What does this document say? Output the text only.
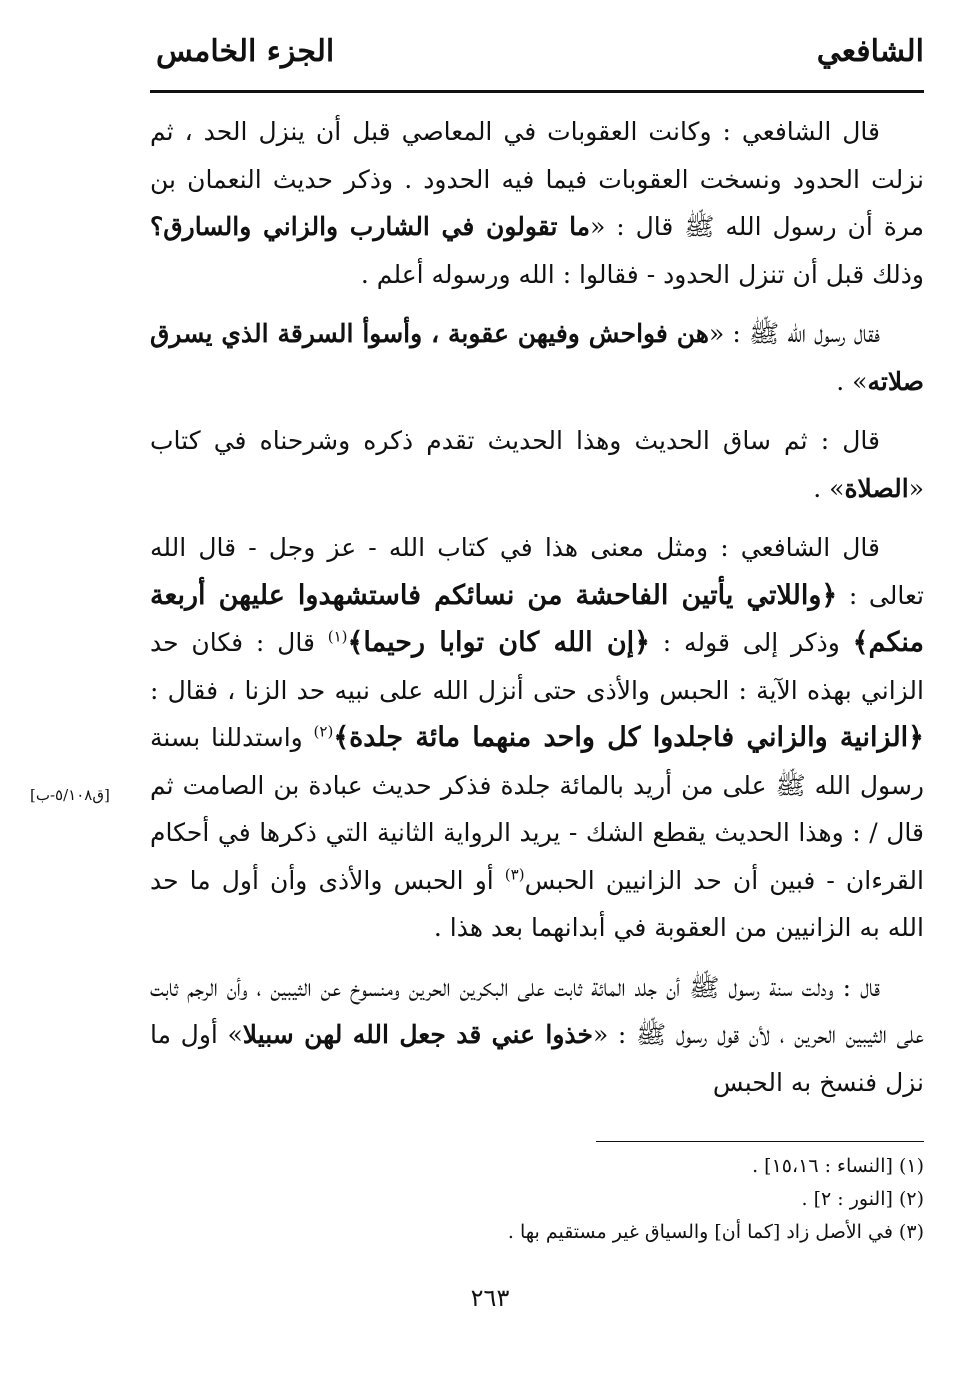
الشافعي
الجزء الخامس
[ق٥/١٠٨-ب]

قال الشافعي : وكانت العقوبات في المعاصي قبل أن ينزل الحد ، ثم نزلت الحدود ونسخت العقوبات فيما فيه الحدود . وذكر حديث النعمان بن مرة أن رسول الله ﷺ قال : «ما تقولون في الشارب والزاني والسارق؟ وذلك قبل أن تنزل الحدود - فقالوا : الله ورسوله أعلم .

فقال رسول الله ﷺ : «هن فواحش وفيهن عقوبة ، وأسوأ السرقة الذي يسرق صلاته» .

قال : ثم ساق الحديث وهذا الحديث تقدم ذكره وشرحناه في كتاب «الصلاة» .

قال الشافعي : ومثل معنى هذا في كتاب الله - عز وجل - قال الله تعالى : ﴿واللاتي يأتين الفاحشة من نسائكم فاستشهدوا عليهن أربعة منكم﴾ وذكر إلى قوله : ﴿إن الله كان توابا رحيما﴾$^{(١)}$ قال : فكان حد الزاني بهذه الآية : الحبس والأذى حتى أنزل الله على نبيه حد الزنا ، فقال : ﴿الزانية والزاني فاجلدوا كل واحد منهما مائة جلدة﴾$^{(٢)}$ واستدللنا بسنة رسول الله ﷺ على من أريد بالمائة جلدة فذكر حديث عبادة بن الصامت ثم قال / : وهذا الحديث يقطع الشك - يريد الرواية الثانية التي ذكرها في أحكام القرءان - فبين أن حد الزانيين الحبس$^{(٣)}$ أو الحبس والأذى وأن أول ما حد الله به الزانيين من العقوبة في أبدانهما بعد هذا .

قال : ودلت سنة رسول ﷺ أن جلد المائة ثابت على البكرين الحرين ومنسوخ عن الثيبين ، وأن الرجم ثابت على الثيبين الحرين ، لأن قول رسول ﷺ : «خذوا عني قد جعل الله لهن سبيلا» أول ما نزل فنسخ به الحبس

(١) [النساء : ١٥،١٦] .
(٢) [النور : ٢] .
(٣) في الأصل زاد [كما أن] والسياق غير مستقيم بها .
٢٦٣
